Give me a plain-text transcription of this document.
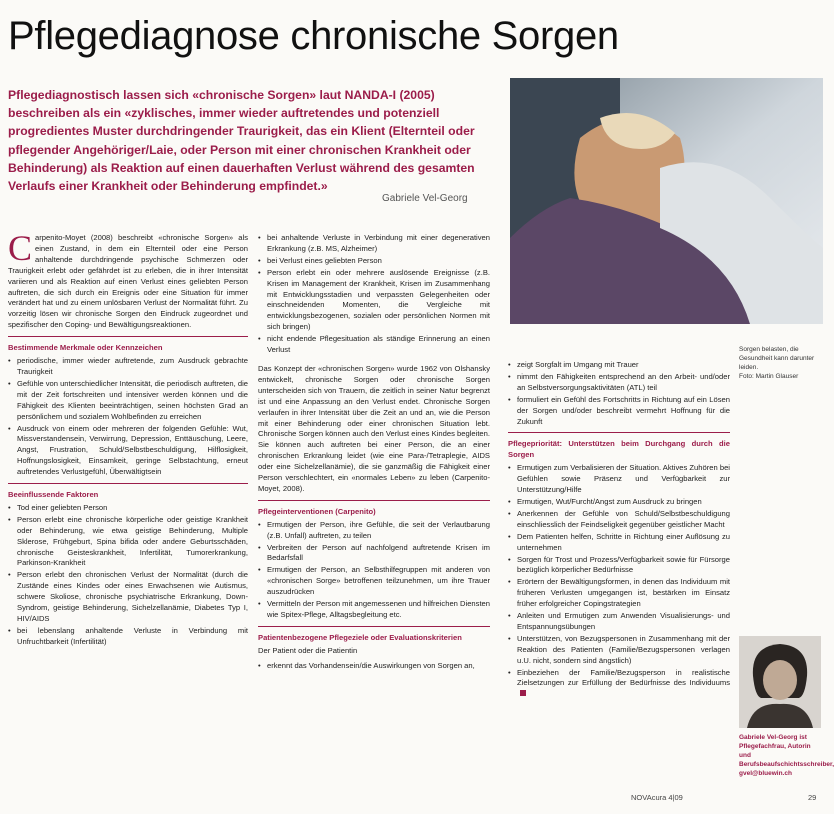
Pflegediagnose chronische Sorgen
Pflegediagnostisch lassen sich «chronische Sorgen» laut NANDA-I (2005) beschreiben als ein «zyklisches, immer wieder auftretendes und potenziell progredientes Muster durchdringender Traurigkeit, das ein Klient (Elternteil oder pflegender Angehöriger/Laie, oder Person mit einer chronischen Krankheit oder Behinderung) als Reaktion auf einen dauerhaften Verlust während des gesamten Verlaufs einer Krankheit oder Behinderung empfindet.»
Gabriele Vel-Georg
Sorgen belasten, die Gesundheit kann darunter leiden.
Foto: Martin Glauser

Carpenito-Moyet (2008) beschreibt «chronische Sorgen» als einen Zustand, in dem ein Elternteil oder eine Person anhaltende durchdringende psychische Schmerzen oder Traurigkeit erlebt oder gefährdet ist zu erleben, die in ihrer Intensität variieren und als Reaktion auf einen Verlust eines geliebten Person auftreten, die sich durch ein Ereignis oder eine Situation für immer verändert hat und zu einem unlösbaren Verlust der Normalität führt. Zu vorzeitig lösen wir chronische Sorgen den Eindruck zugeordnet und spezifischer den Coping- und Bewältigungsreaktionen.

Bestimmende Merkmale oder Kennzeichen
• periodische, immer wieder auftretende, zum Ausdruck gebrachte Traurigkeit
• Gefühle von unterschiedlicher Intensität, die periodisch auftreten, die mit der Zeit fortschreiten und intensiver werden können und die Fähigkeit des Klienten beeinträchtigen, seinen höchsten Grad an persönlichem und sozialem Wohlbefinden zu erreichen
• Ausdruck von einem oder mehreren der folgenden Gefühle: Wut, Missverstandensein, Verwirrung, Depression, Enttäuschung, Leere, Angst, Frustration, Schuld/Selbstbeschuldigung, Hilflosigkeit, Hoffnungslosigkeit, Einsamkeit, geringe Selbstachtung, erneut auftretendes Verlustgefühl, Überwältigtsein
Beeinflussende Faktoren
• Tod einer geliebten Person
• Person erlebt eine chronische körperliche oder geistige Krankheit oder Behinderung, wie etwa geistige Behinderung, Multiple Sklerose, Frühgeburt, Spina bifida oder andere Geburtsschäden, chronische Geisteskrankheit, Infertilität, Tumorerkrankung, Parkinson-Krankheit
• Person erlebt den chronischen Verlust der Normalität (durch die Zustände eines Kindes oder eines Erwachsenen wie Autismus, schwere Skoliose, chronische psychiatrische Erkrankung, Down-Syndrom, geistige Behinderung, Sichelzellanämie, Diabetes Typ I, HIV/AIDS
• bei lebenslang anhaltende Verluste in Verbindung mit Unfruchtbarkeit (Infertilität)
• bei anhaltende Verluste in Verbindung mit einer degenerativen Erkrankung (z.B. MS, Alzheimer)
• bei Verlust eines geliebten Person
• Person erlebt ein oder mehrere auslösende Ereignisse (z.B. Krisen im Management der Krankheit, Krisen im Zusammenhang mit Entwicklungsstadien und verpassten Gelegenheiten oder einschneidenden Momenten, die Vergleiche mit entwicklungsbezogenen, sozialen oder persönlichen Normen mit sich bringen)
• nicht endende Pflegesituation als ständige Erinnerung an einen Verlust

Das Konzept der «chronischen Sorgen» wurde 1962 von Olshansky entwickelt, chronische Sorgen oder chronische Sorgen unterscheiden sich von Trauern, die zeitlich in seiner Natur begrenzt ist und eine Anpassung an den Verlust endet. Chronische Sorgen verlaufen in ihrer Intensität über die Zeit an und an, wie die Person mit einer Behinderung oder einer chronischen Situation lebt. Chronische Sorgen können auch den Verlust eines Kindes begleiten. Sie können auch auftreten bei einer Person, die an einer chronischen Erkrankung leidet (wie eine Para-/Tetraplegie, AIDS oder eine Sichelzellanämie), die sie ganzmäßig die Fähigkeit einer Person verschlechtert, ein «normales Leben» zu leben (Carpenito-Moyet, 2008).

Pflegeinterventionen (Carpenito)
• Ermutigen der Person, ihre Gefühle, die seit der Verlautbarung (z.B. Unfall) auftreten, zu teilen
• Verbreiten der Person auf nachfolgend auftretende Krisen im Bedarfsfall
• Ermutigen der Person, an Selbsthilfegruppen mit anderen von «chronischen Sorge» betroffenen teilzunehmen, um ihre Trauer auszudrücken
• Vermitteln der Person mit angemessenen und hilfreichen Diensten wie Spitex-Pflege, Alltagsbegleitung etc.
Patientenbezogene Pflegeziele oder Evaluationskriterien

Der Patient oder die Patientin

• erkennt das Vorhandensein/die Auswirkungen von Sorgen an,
• zeigt Sorgfalt im Umgang mit Trauer
• nimmt den Fähigkeiten entsprechend an den Arbeit- und/oder an Selbstversorgungsaktivitäten (ATL) teil
• formuliert ein Gefühl des Fortschritts in Richtung auf ein Lösen der Sorgen und/oder beschreibt vermehrt Hoffnung für die Zukunft
Pflegepriorität: Unterstützen beim Durchgang durch die Sorgen
• Ermutigen zum Verbalisieren der Situation. Aktives Zuhören bei Gefühlen sowie Präsenz und Verfügbarkeit zur Unterstützung/Hilfe
• Ermutigen, Wut/Furcht/Angst zum Ausdruck zu bringen
• Anerkennen der Gefühle von Schuld/Selbstbeschuldigung einschliesslich der Feindseligkeit gegenüber geistlicher Macht
• Dem Patienten helfen, Schritte in Richtung einer Auflösung zu unternehmen
• Sorgen für Trost und Prozess/Verfügbarkeit sowie für Fürsorge bezüglich körperlicher Bedürfnisse
• Erörtern der Bewältigungsformen, in denen das Individuum mit früheren Verlusten umgegangen ist, bestärken im Einsatz früher erfolgreicher Copingstrategien
• Anleiten und Ermutigen zum Anwenden Visualisierungs- und Entspannungsübungen
• Unterstützen, von Bezugspersonen in Zusammenhang mit der Reaktion des Patienten (Familie/Bezugspersonen verlagen u.U. nicht, sondern sind ängstlich)
• Einbeziehen der Familie/Bezugsperson in realistische Zielsetzungen zur Erfüllung der Bedürfnisse des Individuums
Gabriele Vel-Georg ist Pflegefachfrau, Autorin und Berufsbeaufschichtsschreiber, gvel@bluewin.ch
NOVAcura 4|09	29
